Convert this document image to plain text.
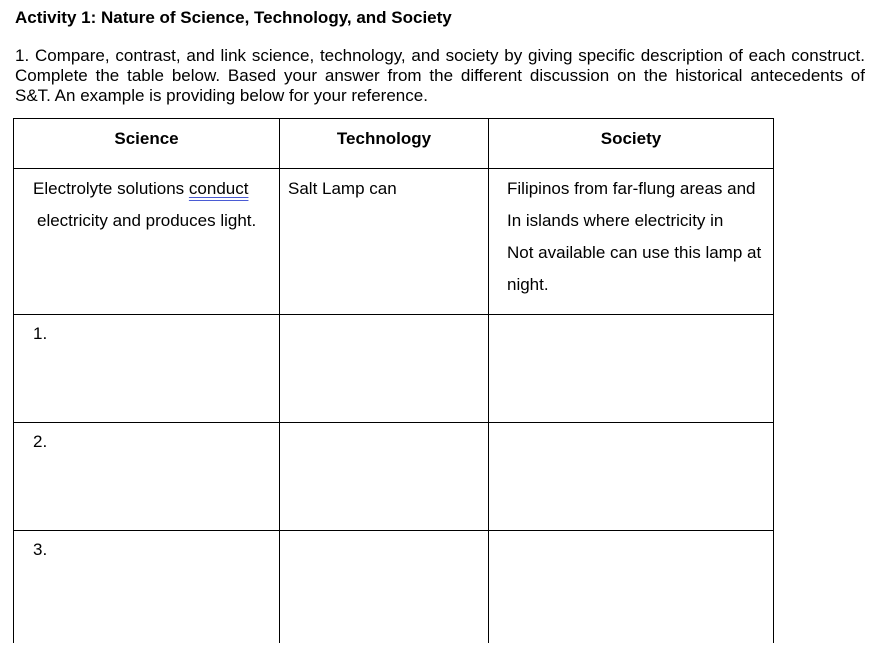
Activity 1: Nature of Science, Technology, and Society
1. Compare, contrast, and link science, technology, and society by giving specific description of each construct.
Complete the table below. Based your answer from the different discussion on the historical antecedents of
S&T. An example is providing below for your reference.
Science	Technology	Society

Electrolyte solutions conduct
electricity and produces light.	Salt Lamp can	Filipinos from far-flung areas and
In islands where electricity in
Not available can use this lamp at
night.

1.		

2.		

3.		
